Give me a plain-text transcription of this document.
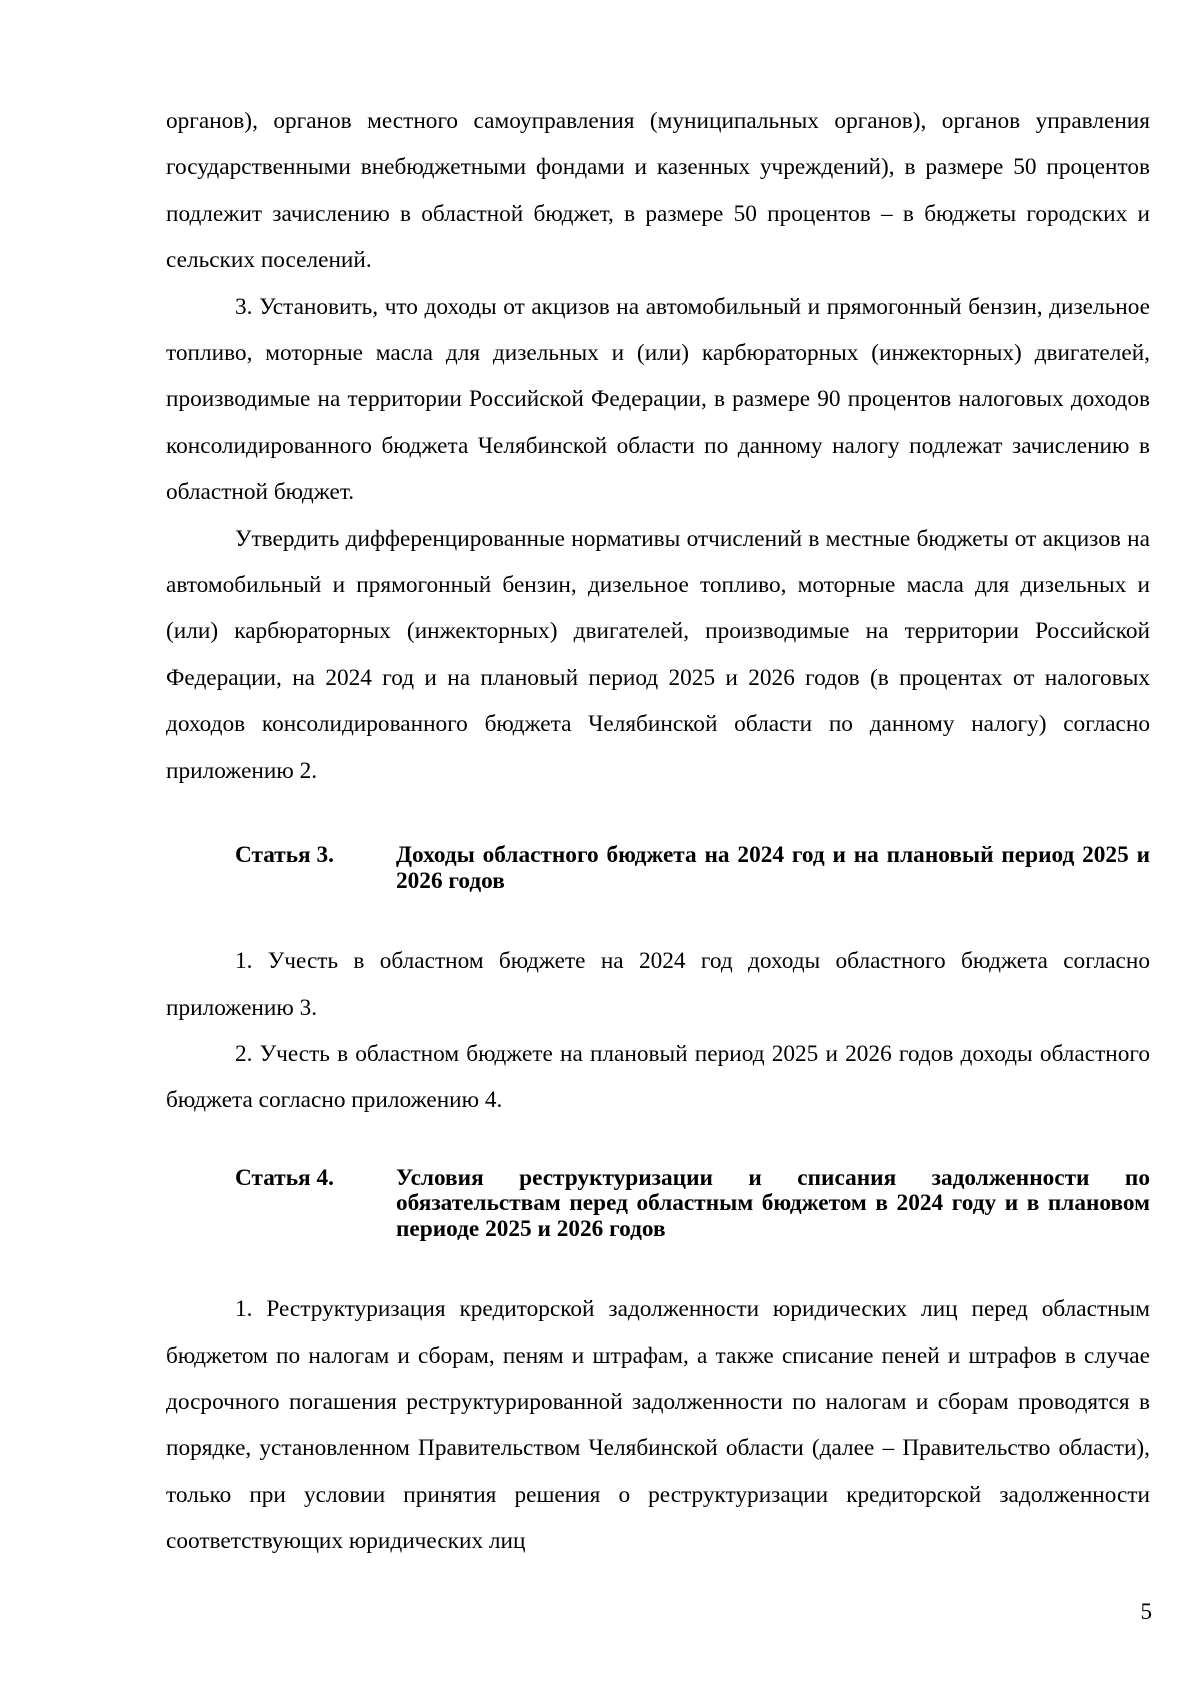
органов), органов местного самоуправления (муниципальных органов), органов управления государственными внебюджетными фондами и казенных учреждений), в размере 50 процентов подлежит зачислению в областной бюджет, в размере 50 процентов – в бюджеты городских и сельских поселений.

3. Установить, что доходы от акцизов на автомобильный и прямогонный бензин, дизельное топливо, моторные масла для дизельных и (или) карбюраторных (инжекторных) двигателей, производимые на территории Российской Федерации, в размере 90 процентов налоговых доходов консолидированного бюджета Челябинской области по данному налогу подлежат зачислению в областной бюджет.

Утвердить дифференцированные нормативы отчислений в местные бюджеты от акцизов на автомобильный и прямогонный бензин, дизельное топливо, моторные масла для дизельных и (или) карбюраторных (инжекторных) двигателей, производимые на территории Российской Федерации, на 2024 год и на плановый период 2025 и 2026 годов (в процентах от налоговых доходов консолидированного бюджета Челябинской области по данному налогу) согласно приложению 2.

Статья 3.	Доходы областного бюджета на 2024 год и на плановый период 2025 и 2026 годов

1. Учесть в областном бюджете на 2024 год доходы областного бюджета согласно приложению 3.

2. Учесть в областном бюджете на плановый период 2025 и 2026 годов доходы областного бюджета согласно приложению 4.

Статья 4.	Условия реструктуризации и списания задолженности по обязательствам перед областным бюджетом в 2024 году и в плановом периоде 2025 и 2026 годов

1. Реструктуризация кредиторской задолженности юридических лиц перед областным бюджетом по налогам и сборам, пеням и штрафам, а также списание пеней и штрафов в случае досрочного погашения реструктурированной задолженности по налогам и сборам проводятся в порядке, установленном Правительством Челябинской области (далее – Правительство области), только при условии принятия решения о реструктуризации кредиторской задолженности соответствующих юридических лиц

5
